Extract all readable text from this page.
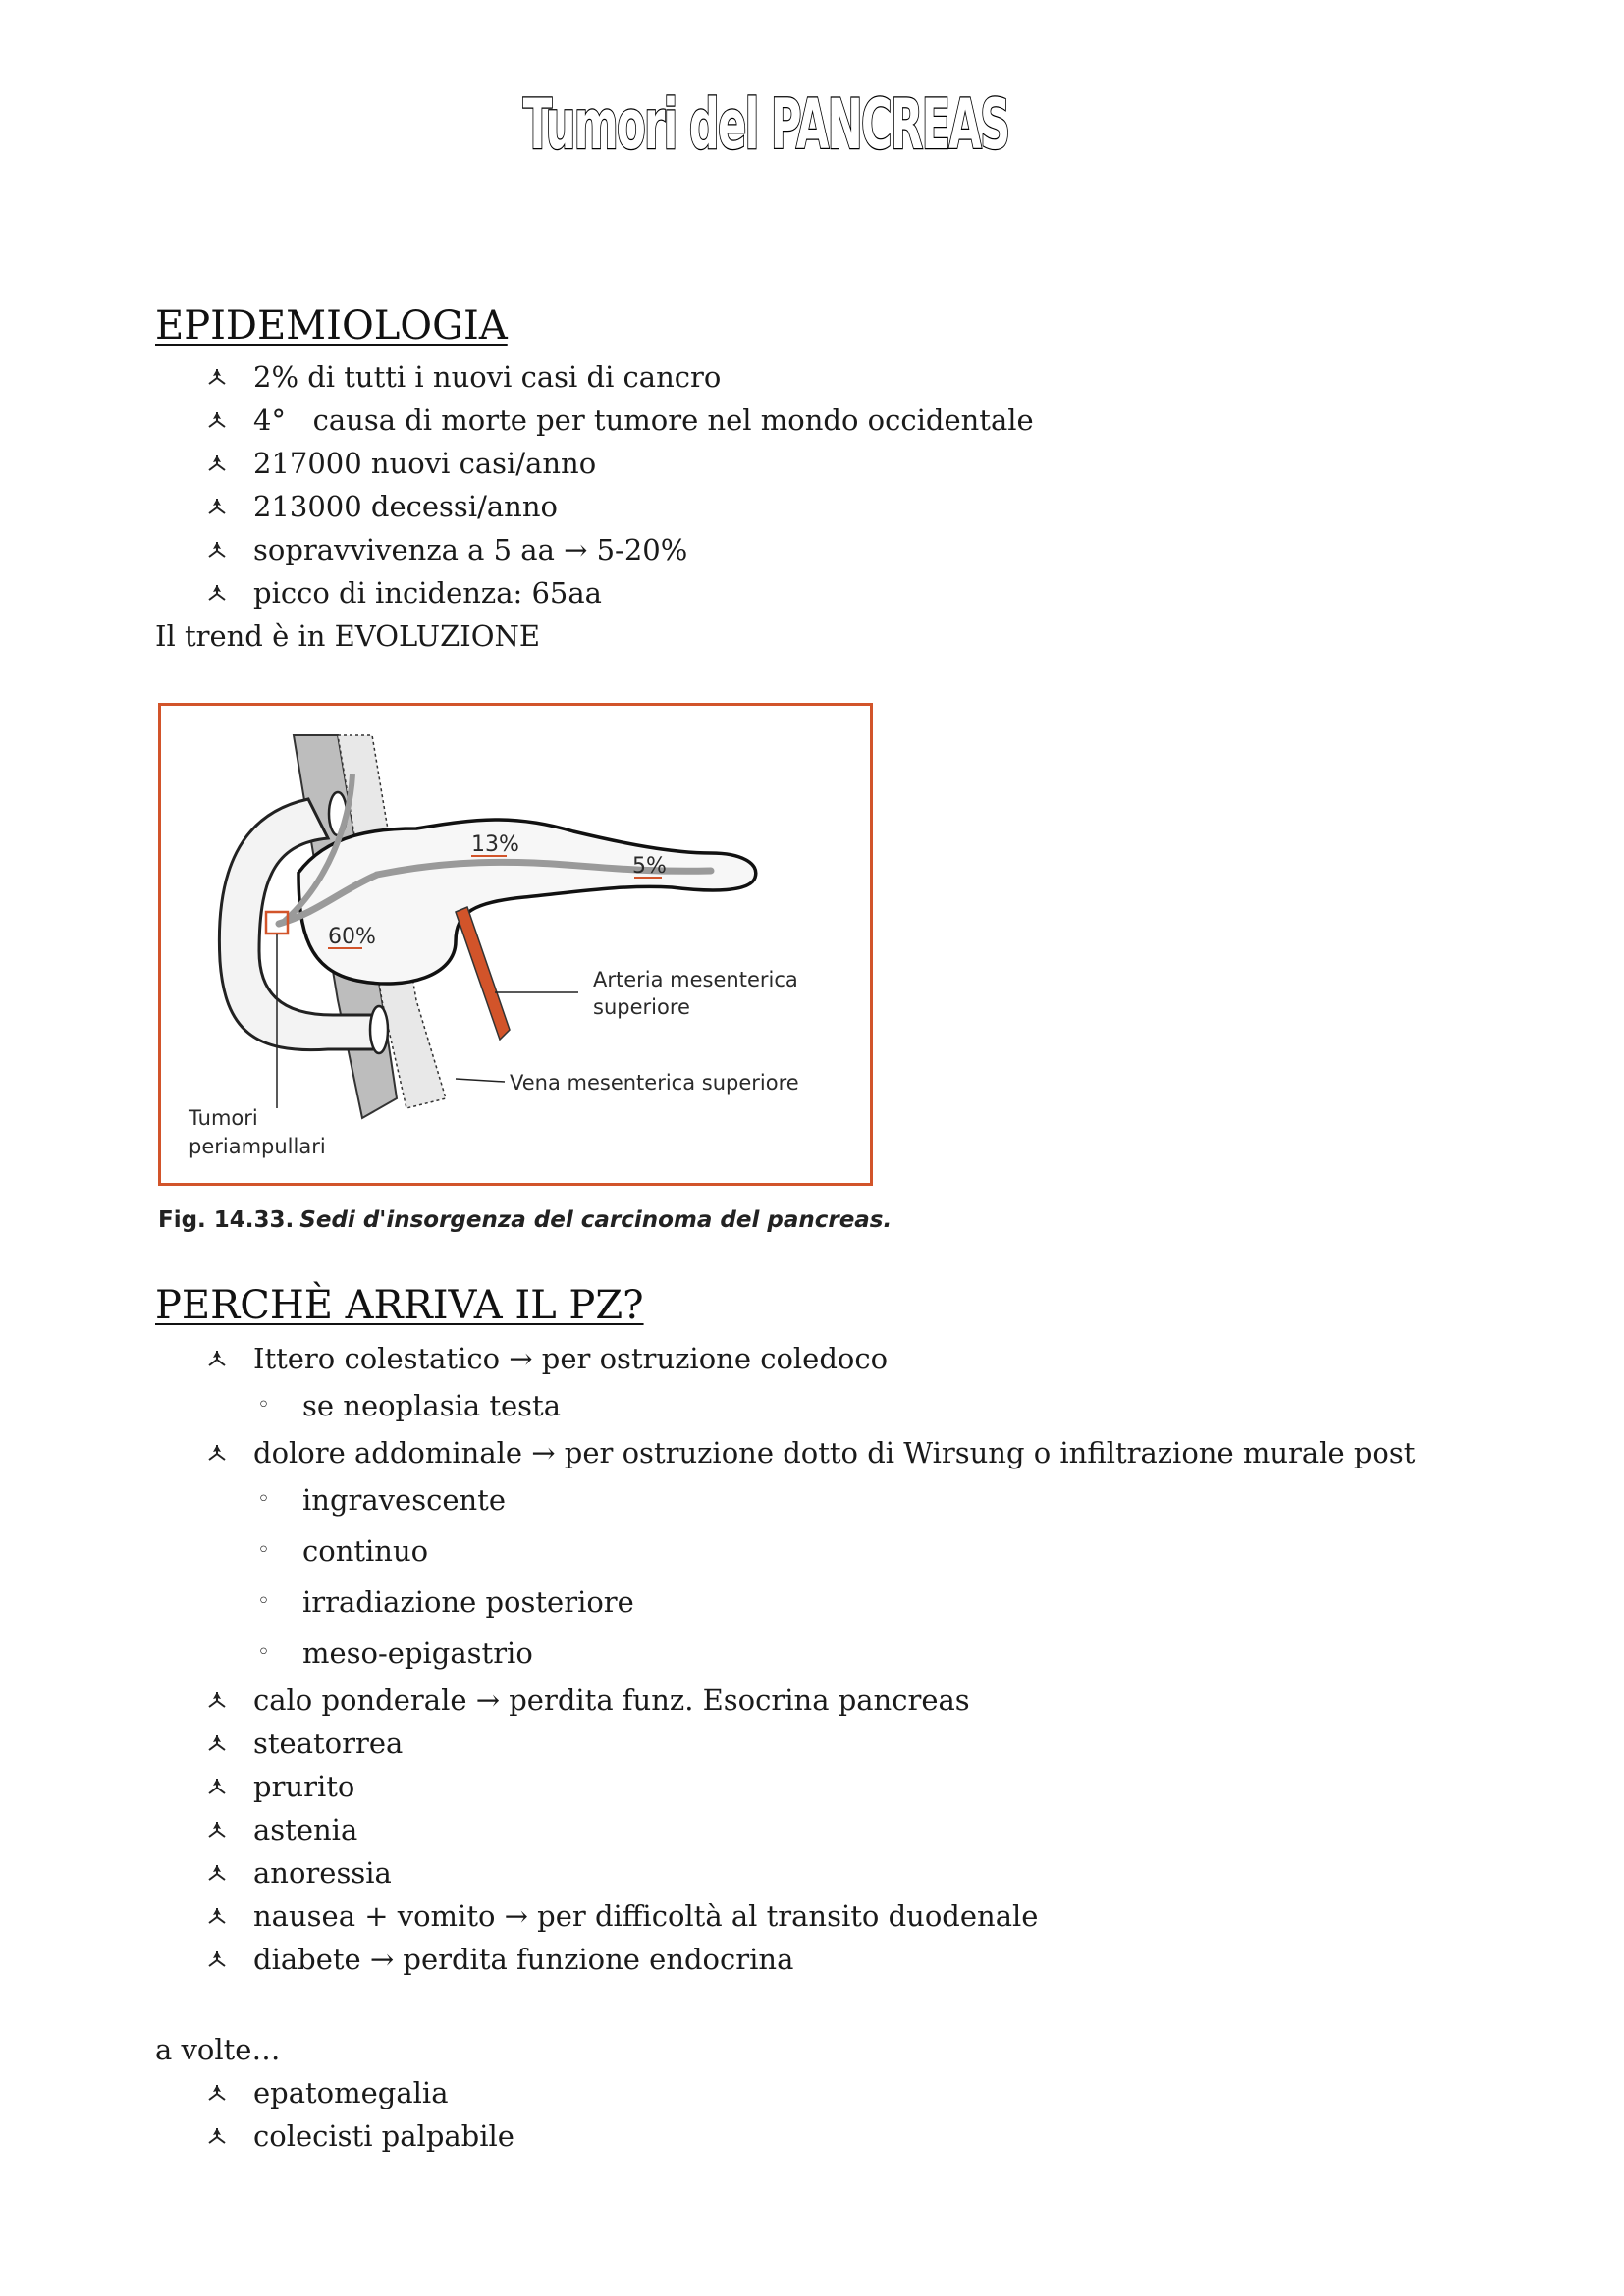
Tumori del PANCREAS
EPIDEMIOLOGIA
2% di tutti i nuovi casi di cancro
4°   causa di morte per tumore nel mondo occidentale
217000 nuovi casi/anno
213000 decessi/anno
sopravvivenza a 5 aa → 5-20%
picco di incidenza: 65aa

Il trend è in EVOLUZIONE

60%
13%
5%
Arteria mesenterica
superiore
Vena mesenterica superiore
Tumori
periampullari

Fig. 14.33. Sedi d'insorgenza del carcinoma del pancreas.

PERCHÈ ARRIVA IL PZ?
Ittero colestatico → per ostruzione coledoco
◦ se neoplasia testa
dolore addominale → per ostruzione dotto di Wirsung o infiltrazione murale post
◦ ingravescente
◦ continuo
◦ irradiazione posteriore
◦ meso-epigastrio
calo ponderale → perdita funz. Esocrina pancreas
steatorrea
prurito
astenia
anoressia
nausea + vomito → per difficoltà al transito duodenale
diabete → perdita funzione endocrina

a volte…

epatomegalia
colecisti palpabile
